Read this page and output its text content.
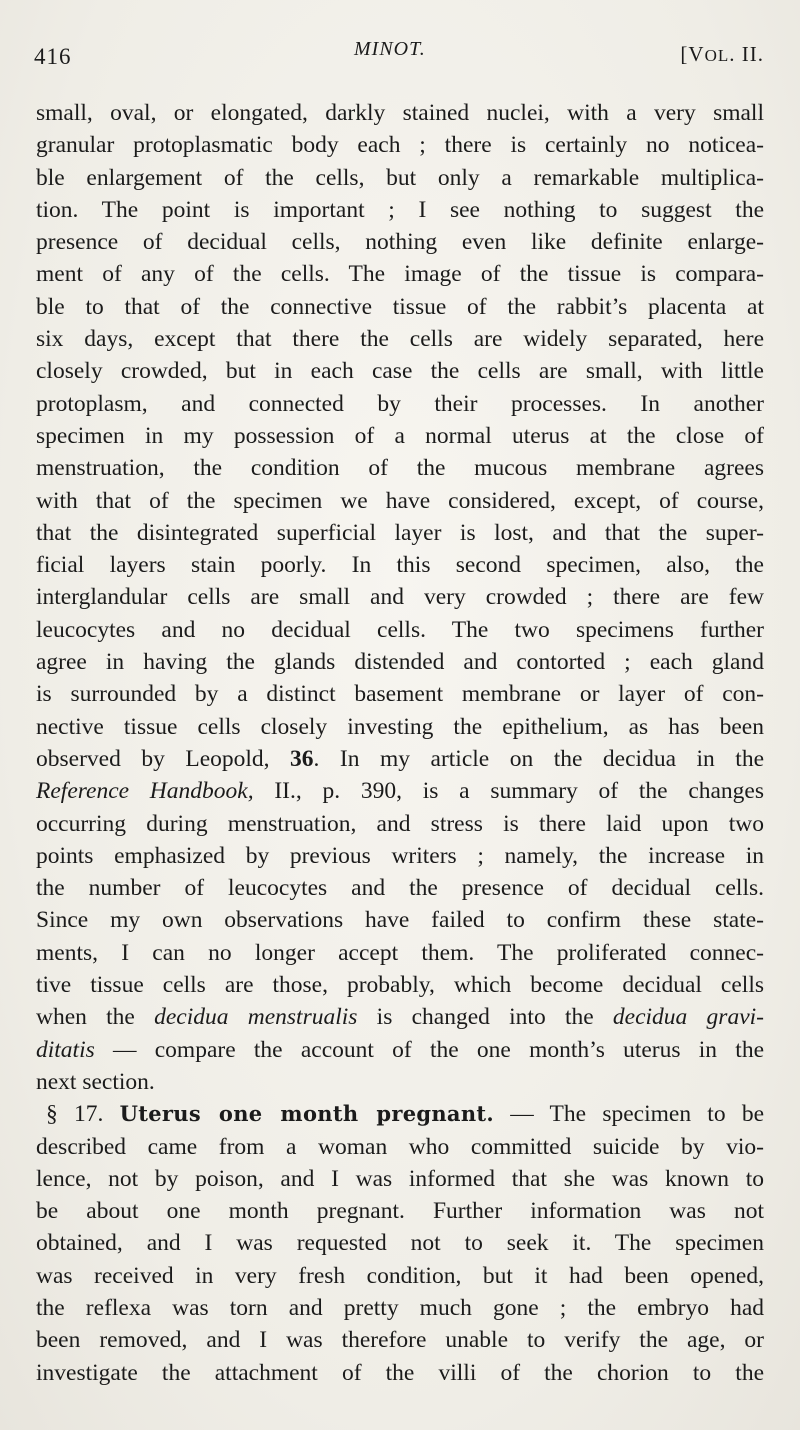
416	MINOT.	[VOL. II.
small, oval, or elongated, darkly stained nuclei, with a very small
granular protoplasmatic body each ; there is certainly no noticea-
ble enlargement of the cells, but only a remarkable multiplica-
tion. The point is important ; I see nothing to suggest the
presence of decidual cells, nothing even like definite enlarge-
ment of any of the cells. The image of the tissue is compara-
ble to that of the connective tissue of the rabbit’s placenta at
six days, except that there the cells are widely separated, here
closely crowded, but in each case the cells are small, with little
protoplasm, and connected by their processes. In another
specimen in my possession of a normal uterus at the close of
menstruation, the condition of the mucous membrane agrees
with that of the specimen we have considered, except, of course,
that the disintegrated superficial layer is lost, and that the super-
ficial layers stain poorly. In this second specimen, also, the
interglandular cells are small and very crowded ; there are few
leucocytes and no decidual cells. The two specimens further
agree in having the glands distended and contorted ; each gland
is surrounded by a distinct basement membrane or layer of con-
nective tissue cells closely investing the epithelium, as has been
observed by Leopold, 36. In my article on the decidua in the
Reference Handbook, II., p. 390, is a summary of the changes
occurring during menstruation, and stress is there laid upon two
points emphasized by previous writers ; namely, the increase in
the number of leucocytes and the presence of decidual cells.
Since my own observations have failed to confirm these state-
ments, I can no longer accept them. The proliferated connec-
tive tissue cells are those, probably, which become decidual cells
when the decidua menstrualis is changed into the decidua gravi-
ditatis — compare the account of the one month’s uterus in the
next section.
§ 17. Uterus one month pregnant. — The specimen to be
described came from a woman who committed suicide by vio-
lence, not by poison, and I was informed that she was known to
be about one month pregnant. Further information was not
obtained, and I was requested not to seek it. The specimen
was received in very fresh condition, but it had been opened,
the reflexa was torn and pretty much gone ; the embryo had
been removed, and I was therefore unable to verify the age, or
investigate the attachment of the villi of the chorion to the
